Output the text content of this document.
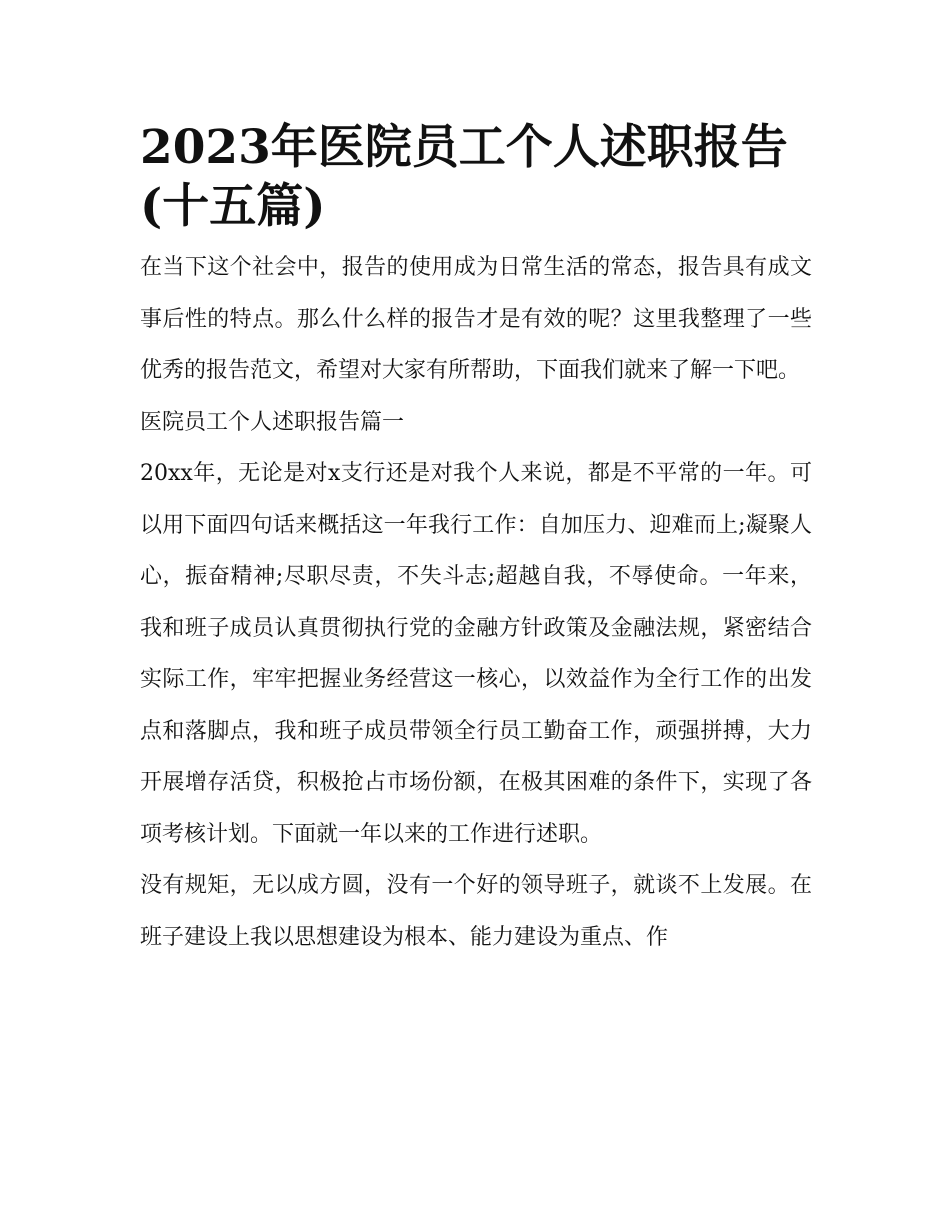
2023年医院员工个人述职报告(十五篇)

在当下这个社会中，报告的使用成为日常生活的常态，报告具有成文事后性的特点。那么什么样的报告才是有效的呢？这里我整理了一些优秀的报告范文，希望对大家有所帮助，下面我们就来了解一下吧。

医院员工个人述职报告篇一

20xx年，无论是对x支行还是对我个人来说，都是不平常的一年。可以用下面四句话来概括这一年我行工作：自加压力、迎难而上;凝聚人心，振奋精神;尽职尽责，不失斗志;超越自我，不辱使命。一年来，我和班子成员认真贯彻执行党的金融方针政策及金融法规，紧密结合实际工作，牢牢把握业务经营这一核心，以效益作为全行工作的出发点和落脚点，我和班子成员带领全行员工勤奋工作，顽强拼搏，大力开展增存活贷，积极抢占市场份额，在极其困难的条件下，实现了各项考核计划。下面就一年以来的工作进行述职。

没有规矩，无以成方圆，没有一个好的领导班子，就谈不上发展。在班子建设上我以思想建设为根本、能力建设为重点、作
